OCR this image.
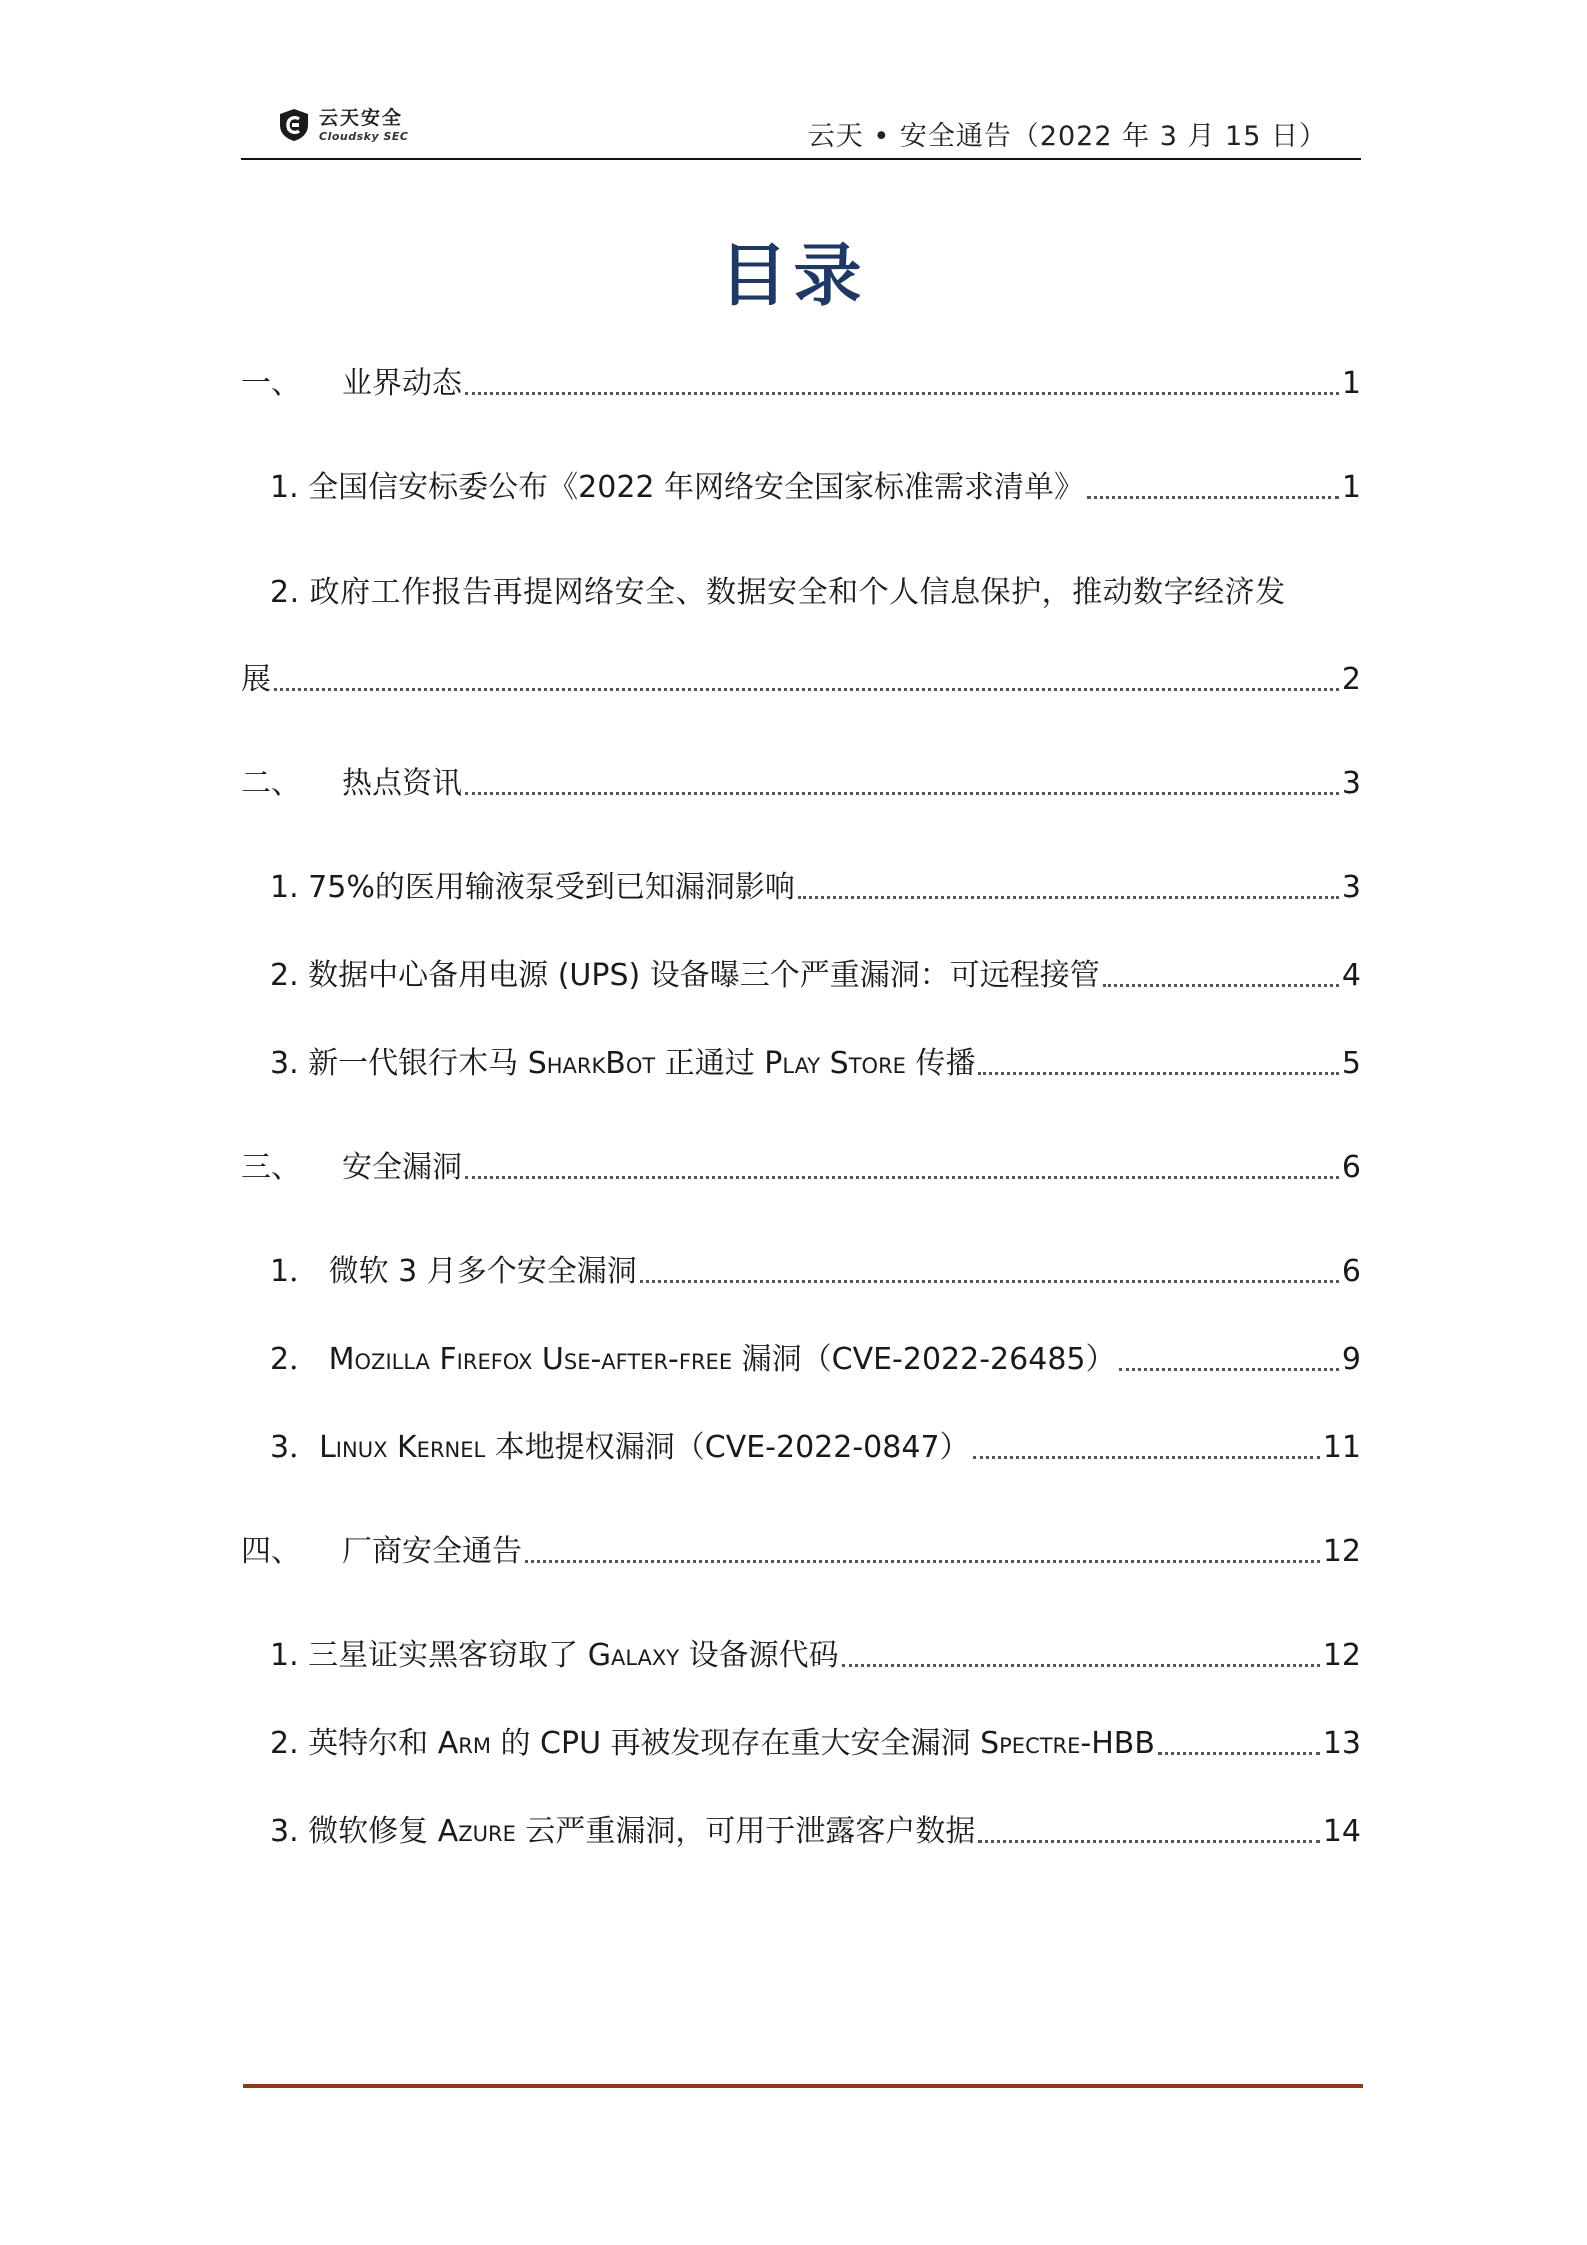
云天安全
Cloudsky SEC	云天 • 安全通告（2022 年 3 月 15 日）
目录
一、 业界动态	1
1. 全国信安标委公布《2022 年网络安全国家标准需求清单》	1
2. 政府工作报告再提网络安全、数据安全和个人信息保护，推动数字经济发
展	2
二、 热点资讯	3
1. 75%的医用输液泵受到已知漏洞影响	3
2. 数据中心备用电源 (UPS) 设备曝三个严重漏洞：可远程接管	4
3. 新一代银行木马 SharkBot 正通过 Play Store 传播	5
三、 安全漏洞	6
1． 微软 3 月多个安全漏洞	6
2． Mozilla Firefox Use-after-free 漏洞（CVE-2022-26485）	9
3．Linux Kernel 本地提权漏洞（CVE-2022-0847）	11
四、 厂商安全通告	12
1. 三星证实黑客窃取了 Galaxy 设备源代码	12
2. 英特尔和 Arm 的 CPU 再被发现存在重大安全漏洞 Spectre-HBB	13
3. 微软修复 Azure 云严重漏洞，可用于泄露客户数据	14
